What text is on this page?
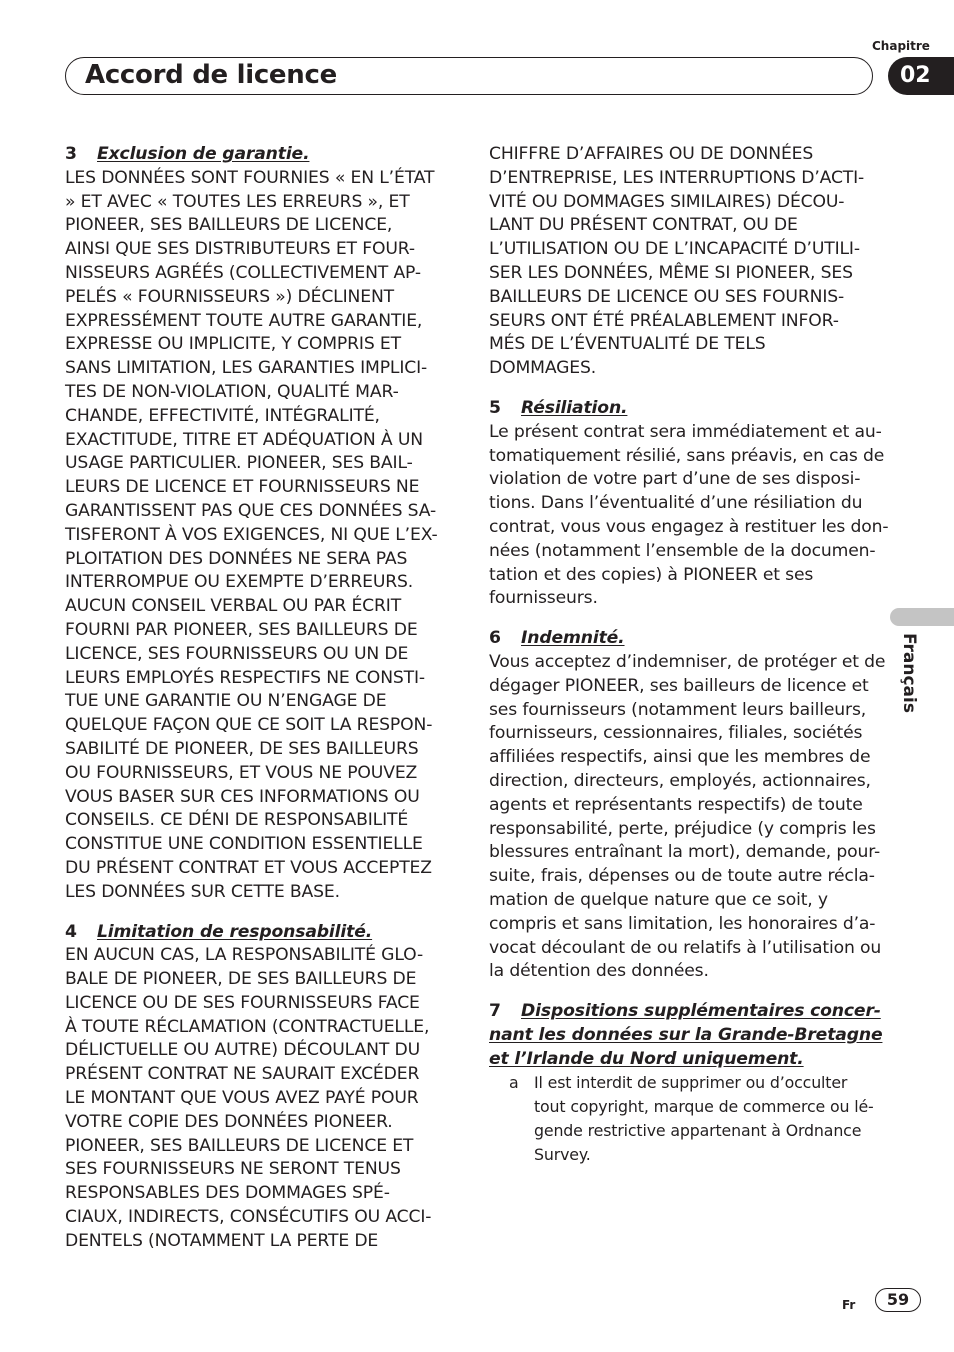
Chapitre
Accord de licence	02
Français
3 Exclusion de garantie.
LES DONNÉES SONT FOURNIES « EN L’ÉTAT
» ET AVEC « TOUTES LES ERREURS », ET
PIONEER, SES BAILLEURS DE LICENCE,
AINSI QUE SES DISTRIBUTEURS ET FOUR-
NISSEURS AGRÉÉS (COLLECTIVEMENT AP-
PELÉS « FOURNISSEURS ») DÉCLINENT
EXPRESSÉMENT TOUTE AUTRE GARANTIE,
EXPRESSE OU IMPLICITE, Y COMPRIS ET
SANS LIMITATION, LES GARANTIES IMPLICI-
TES DE NON-VIOLATION, QUALITÉ MAR-
CHANDE, EFFECTIVITÉ, INTÉGRALITÉ,
EXACTITUDE, TITRE ET ADÉQUATION À UN
USAGE PARTICULIER. PIONEER, SES BAIL-
LEURS DE LICENCE ET FOURNISSEURS NE
GARANTISSENT PAS QUE CES DONNÉES SA-
TISFERONT À VOS EXIGENCES, NI QUE L’EX-
PLOITATION DES DONNÉES NE SERA PAS
INTERROMPUE OU EXEMPTE D’ERREURS.
AUCUN CONSEIL VERBAL OU PAR ÉCRIT
FOURNI PAR PIONEER, SES BAILLEURS DE
LICENCE, SES FOURNISSEURS OU UN DE
LEURS EMPLOYÉS RESPECTIFS NE CONSTI-
TUE UNE GARANTIE OU N’ENGAGE DE
QUELQUE FAÇON QUE CE SOIT LA RESPON-
SABILITÉ DE PIONEER, DE SES BAILLEURS
OU FOURNISSEURS, ET VOUS NE POUVEZ
VOUS BASER SUR CES INFORMATIONS OU
CONSEILS. CE DÉNI DE RESPONSABILITÉ
CONSTITUE UNE CONDITION ESSENTIELLE
DU PRÉSENT CONTRAT ET VOUS ACCEPTEZ
LES DONNÉES SUR CETTE BASE.
4 Limitation de responsabilité.
EN AUCUN CAS, LA RESPONSABILITÉ GLO-
BALE DE PIONEER, DE SES BAILLEURS DE
LICENCE OU DE SES FOURNISSEURS FACE
À TOUTE RÉCLAMATION (CONTRACTUELLE,
DÉLICTUELLE OU AUTRE) DÉCOULANT DU
PRÉSENT CONTRAT NE SAURAIT EXCÉDER
LE MONTANT QUE VOUS AVEZ PAYÉ POUR
VOTRE COPIE DES DONNÉES PIONEER.
PIONEER, SES BAILLEURS DE LICENCE ET
SES FOURNISSEURS NE SERONT TENUS
RESPONSABLES DES DOMMAGES SPÉ-
CIAUX, INDIRECTS, CONSÉCUTIFS OU ACCI-
DENTELS (NOTAMMENT LA PERTE DE
CHIFFRE D’AFFAIRES OU DE DONNÉES
D’ENTREPRISE, LES INTERRUPTIONS D’ACTI-
VITÉ OU DOMMAGES SIMILAIRES) DÉCOU-
LANT DU PRÉSENT CONTRAT, OU DE
L’UTILISATION OU DE L’INCAPACITÉ D’UTILI-
SER LES DONNÉES, MÊME SI PIONEER, SES
BAILLEURS DE LICENCE OU SES FOURNIS-
SEURS ONT ÉTÉ PRÉALABLEMENT INFOR-
MÉS DE L’ÉVENTUALITÉ DE TELS
DOMMAGES.
5 Résiliation.
Le présent contrat sera immédiatement et au-
tomatiquement résilié, sans préavis, en cas de
violation de votre part d’une de ses disposi-
tions. Dans l’éventualité d’une résiliation du
contrat, vous vous engagez à restituer les don-
nées (notamment l’ensemble de la documen-
tation et des copies) à PIONEER et ses
fournisseurs.
6 Indemnité.
Vous acceptez d’indemniser, de protéger et de
dégager PIONEER, ses bailleurs de licence et
ses fournisseurs (notamment leurs bailleurs,
fournisseurs, cessionnaires, filiales, sociétés
affiliées respectifs, ainsi que les membres de
direction, directeurs, employés, actionnaires,
agents et représentants respectifs) de toute
responsabilité, perte, préjudice (y compris les
blessures entraînant la mort), demande, pour-
suite, frais, dépenses ou de toute autre récla-
mation de quelque nature que ce soit, y
compris et sans limitation, les honoraires d’a-
vocat découlant de ou relatifs à l’utilisation ou
la détention des données.
7 Dispositions supplémentaires concer-
nant les données sur la Grande-Bretagne
et l’Irlande du Nord uniquement.
a Il est interdit de supprimer ou d’occulter
tout copyright, marque de commerce ou lé-
gende restrictive appartenant à Ordnance
Survey.
Fr	59
